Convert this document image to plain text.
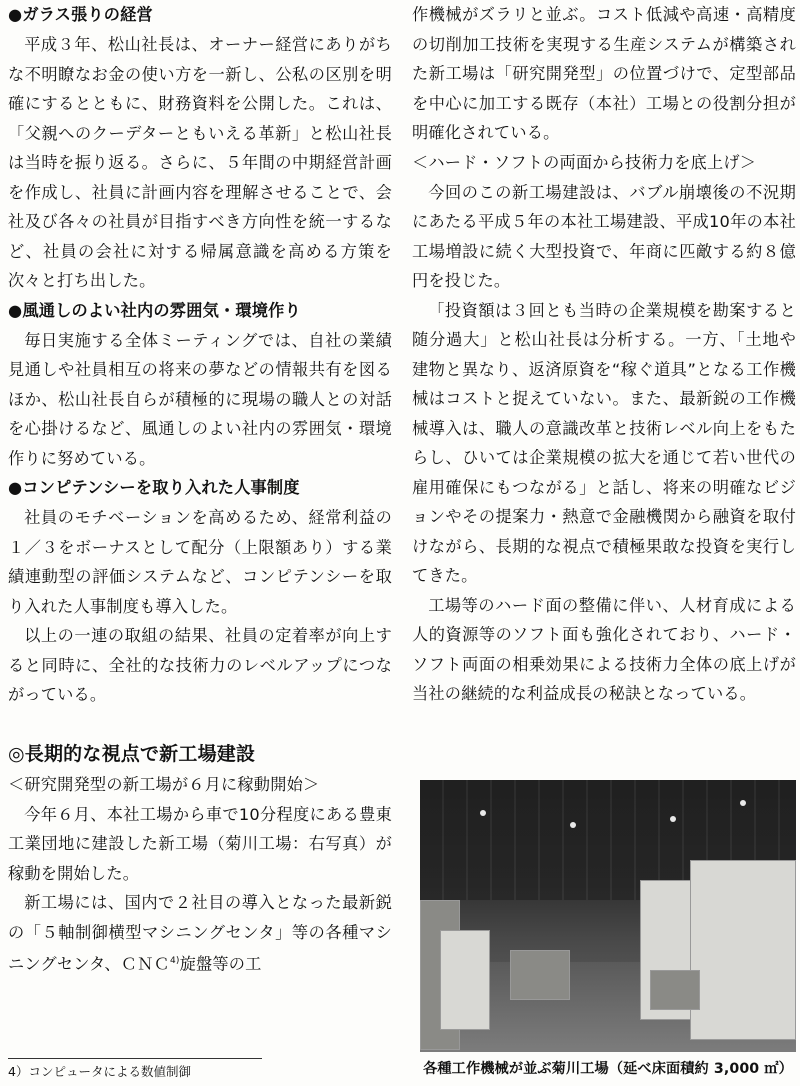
●ガラス張りの経営

平成３年、松山社長は、オーナー経営にありがちな不明瞭なお金の使い方を一新し、公私の区別を明確にするとともに、財務資料を公開した。これは、「父親へのクーデターともいえる革新」と松山社長は当時を振り返る。さらに、５年間の中期経営計画を作成し、社員に計画内容を理解させることで、会社及び各々の社員が目指すべき方向性を統一するなど、社員の会社に対する帰属意識を高める方策を次々と打ち出した。

●風通しのよい社内の雰囲気・環境作り

毎日実施する全体ミーティングでは、自社の業績見通しや社員相互の将来の夢などの情報共有を図るほか、松山社長自らが積極的に現場の職人との対話を心掛けるなど、風通しのよい社内の雰囲気・環境作りに努めている。

●コンピテンシーを取り入れた人事制度

社員のモチベーションを高めるため、経常利益の１／３をボーナスとして配分（上限額あり）する業績連動型の評価システムなど、コンピテンシーを取り入れた人事制度も導入した。

以上の一連の取組の結果、社員の定着率が向上すると同時に、全社的な技術力のレベルアップにつながっている。

◎長期的な視点で新工場建設
＜研究開発型の新工場が６月に稼動開始＞

今年６月、本社工場から車で10分程度にある豊東工業団地に建設した新工場（菊川工場：右写真）が稼動を開始した。

新工場には、国内で２社目の導入となった最新鋭の「５軸制御横型マシニングセンタ」等の各種マシニングセンタ、ＣＮＣ$^{4)}$旋盤等の工

作機械がズラリと並ぶ。コスト低減や高速・高精度の切削加工技術を実現する生産システムが構築された新工場は「研究開発型」の位置づけで、定型部品を中心に加工する既存（本社）工場との役割分担が明確化されている。

＜ハード・ソフトの両面から技術力を底上げ＞

今回のこの新工場建設は、バブル崩壊後の不況期にあたる平成５年の本社工場建設、平成10年の本社工場増設に続く大型投資で、年商に匹敵する約８億円を投じた。

「投資額は３回とも当時の企業規模を勘案すると随分過大」と松山社長は分析する。一方、「土地や建物と異なり、返済原資を“稼ぐ道具”となる工作機械はコストと捉えていない。また、最新鋭の工作機械導入は、職人の意識改革と技術レベル向上をもたらし、ひいては企業規模の拡大を通じて若い世代の雇用確保にもつながる」と話し、将来の明確なビジョンやその提案力・熱意で金融機関から融資を取付けながら、長期的な視点で積極果敢な投資を実行してきた。

工場等のハード面の整備に伴い、人材育成による人的資源等のソフト面も強化されており、ハード・ソフト両面の相乗効果による技術力全体の底上げが当社の継続的な利益成長の秘訣となっている。

各種工作機械が並ぶ菊川工場（延べ床面積約 3,000 ㎡）
4）コンピュータによる数値制御
